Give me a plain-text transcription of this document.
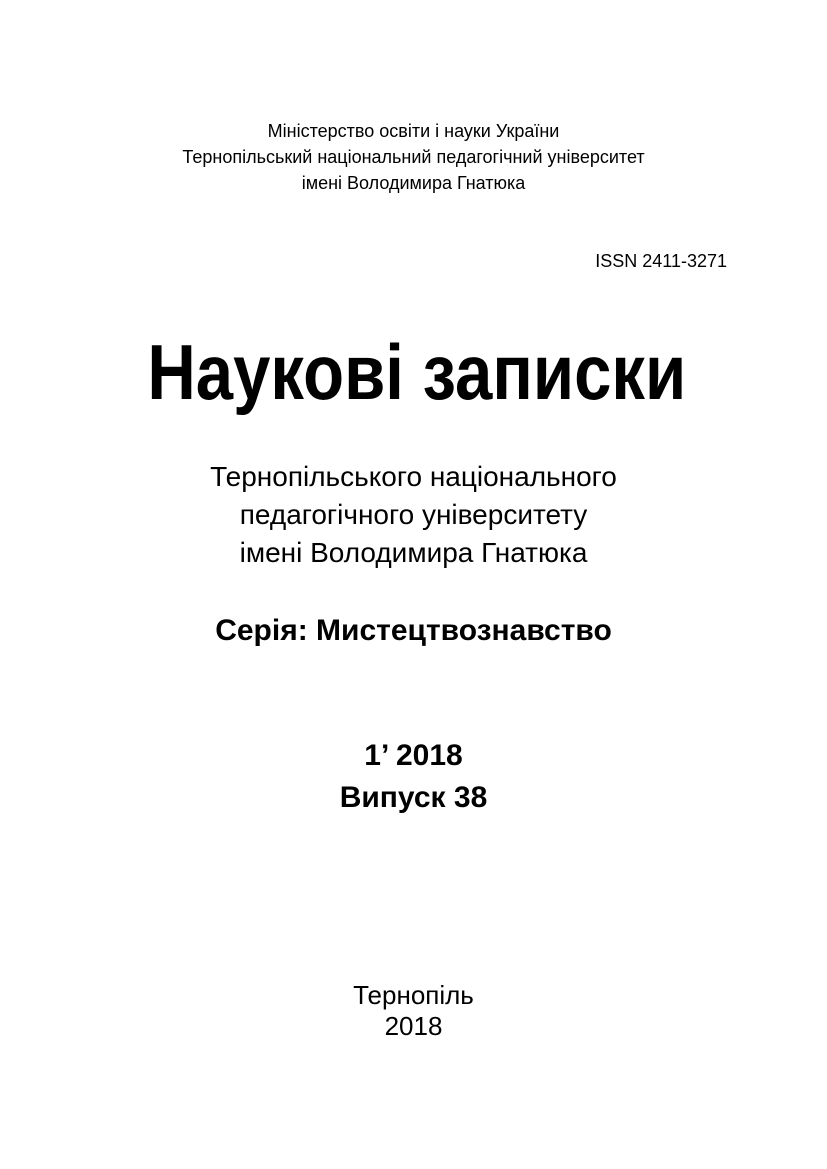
Міністерство освіти і науки України
Тернопільський національний педагогічний університет
імені Володимира Гнатюка
ISSN 2411-3271
Наукові записки
Тернопільського національного
педагогічного університету
імені Володимира Гнатюка
Серія: Мистецтвознавство
1’ 2018
Випуск 38
Тернопіль
2018
